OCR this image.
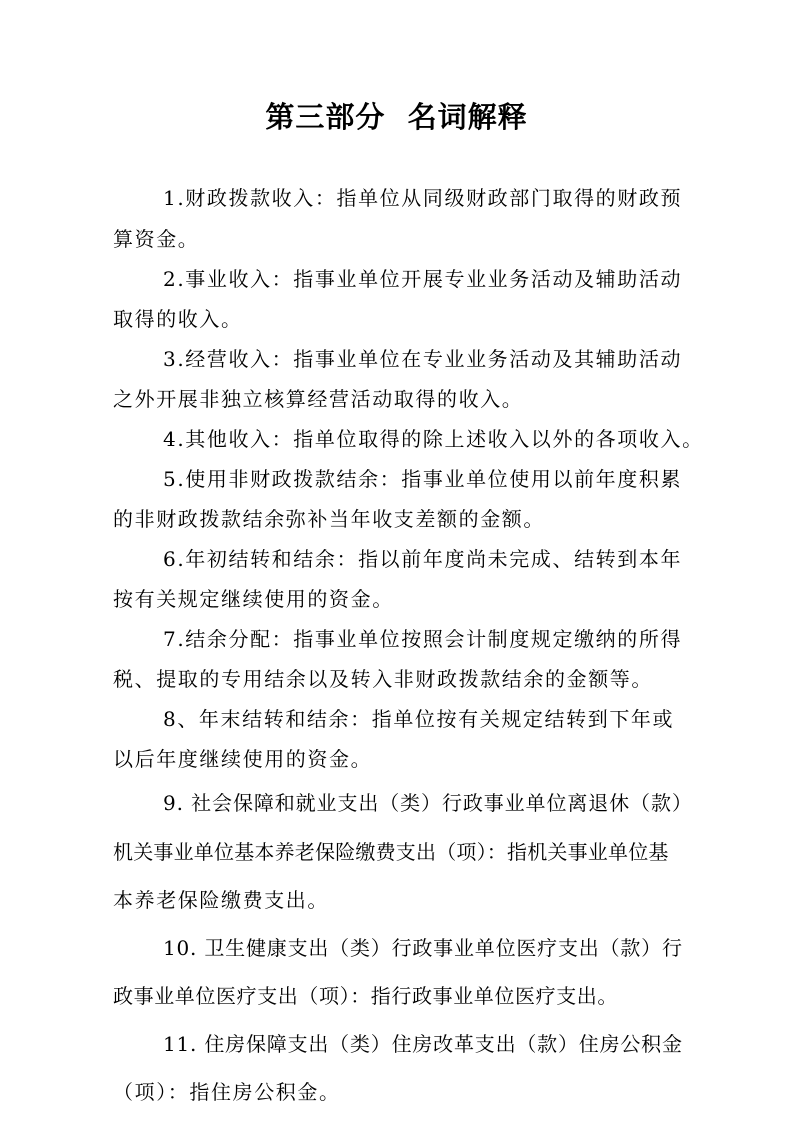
第三部分  名词解释
1.财政拨款收入：指单位从同级财政部门取得的财政预
算资金。
2.事业收入：指事业单位开展专业业务活动及辅助活动
取得的收入。
3.经营收入：指事业单位在专业业务活动及其辅助活动
之外开展非独立核算经营活动取得的收入。
4.其他收入：指单位取得的除上述收入以外的各项收入。
5.使用非财政拨款结余：指事业单位使用以前年度积累
的非财政拨款结余弥补当年收支差额的金额。
6.年初结转和结余：指以前年度尚未完成、结转到本年
按有关规定继续使用的资金。
7.结余分配：指事业单位按照会计制度规定缴纳的所得
税、提取的专用结余以及转入非财政拨款结余的金额等。
8、年末结转和结余：指单位按有关规定结转到下年或
以后年度继续使用的资金。
9. 社会保障和就业支出（类）行政事业单位离退休（款）
机关事业单位基本养老保险缴费支出（项）：指机关事业单位基
本养老保险缴费支出。
10. 卫生健康支出（类）行政事业单位医疗支出（款）行
政事业单位医疗支出（项）：指行政事业单位医疗支出。
11. 住房保障支出（类）住房改革支出（款）住房公积金
（项）：指住房公积金。
